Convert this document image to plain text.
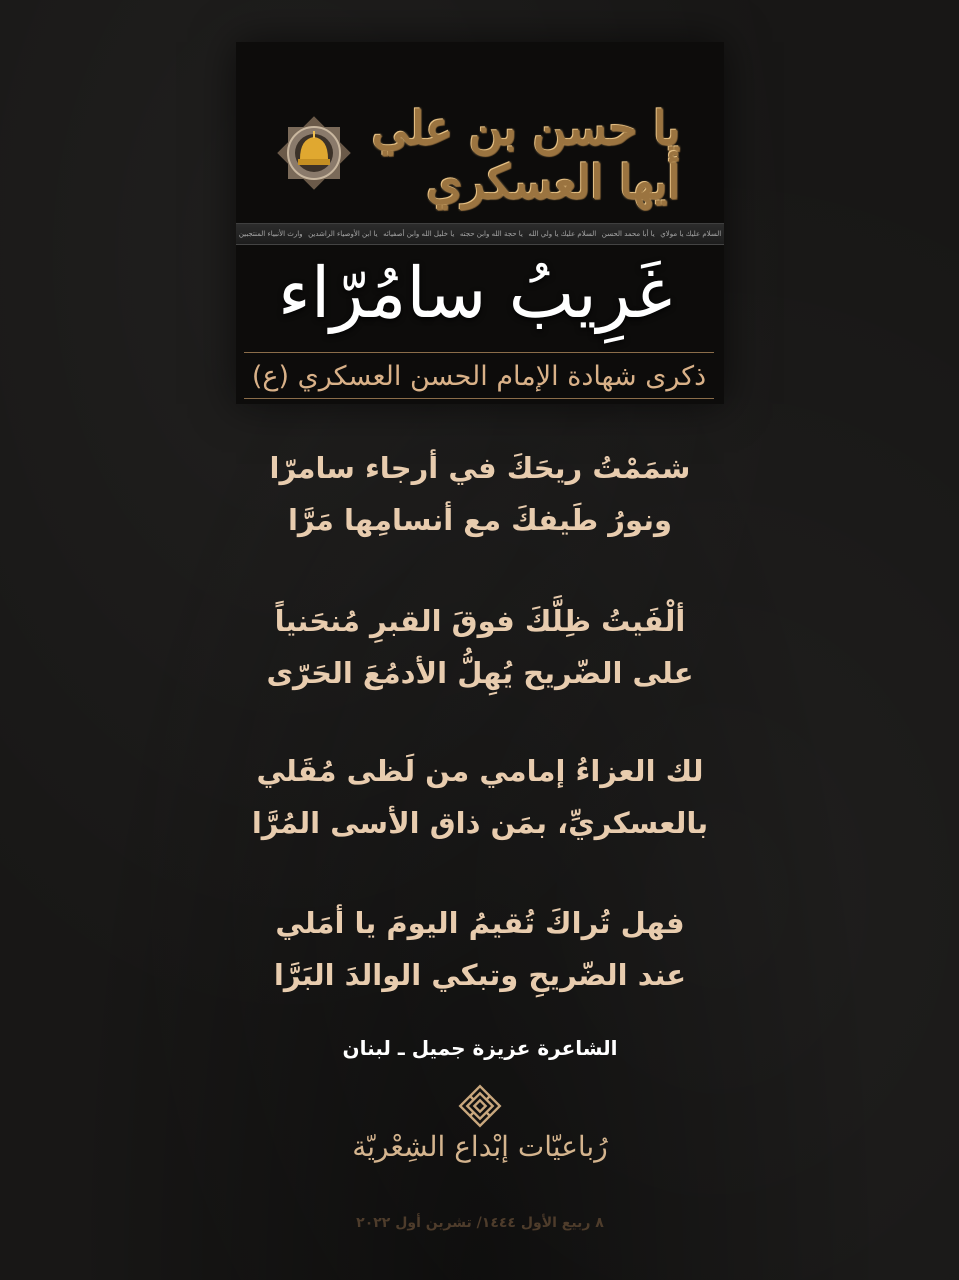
يا حسن بن علي أيها العسكري
السلام عليك يا مولاي
يا أبا محمد الحسن
السلام عليك يا ولي الله
يا حجة الله وابن حجته
يا خليل الله وابن أصفيائه
يا ابن الأوصياء الراشدين
وارث الأنبياء المنتجبين
غَرِيبُ سامُرّاء
ذكرى شهادة الإمام الحسن العسكري (ع)
شمَمْتُ ريحَكَ في أرجاء سامرّا
ونورُ طَيفكَ مع أنسامِها مَرَّا
ألْفَيتُ ظِلَّكَ فوقَ القبرِ مُنحَنياً
على الضّريح يُهِلُّ الأدمُعَ الحَرّى
لك العزاءُ إمامي من لَظى مُقَلي
بالعسكريِّ، بمَن ذاق الأسى المُرَّا
فهل تُراكَ تُقيمُ اليومَ يا أمَلي
عند الضّريحِ وتبكي الوالدَ البَرَّا
الشاعرة عزيزة جميل ـ لبنان
رُباعيّات إبْداع الشِعْريّة
٨ ربيع الأول ١٤٤٤/ تشرين أول ٢٠٢٢
